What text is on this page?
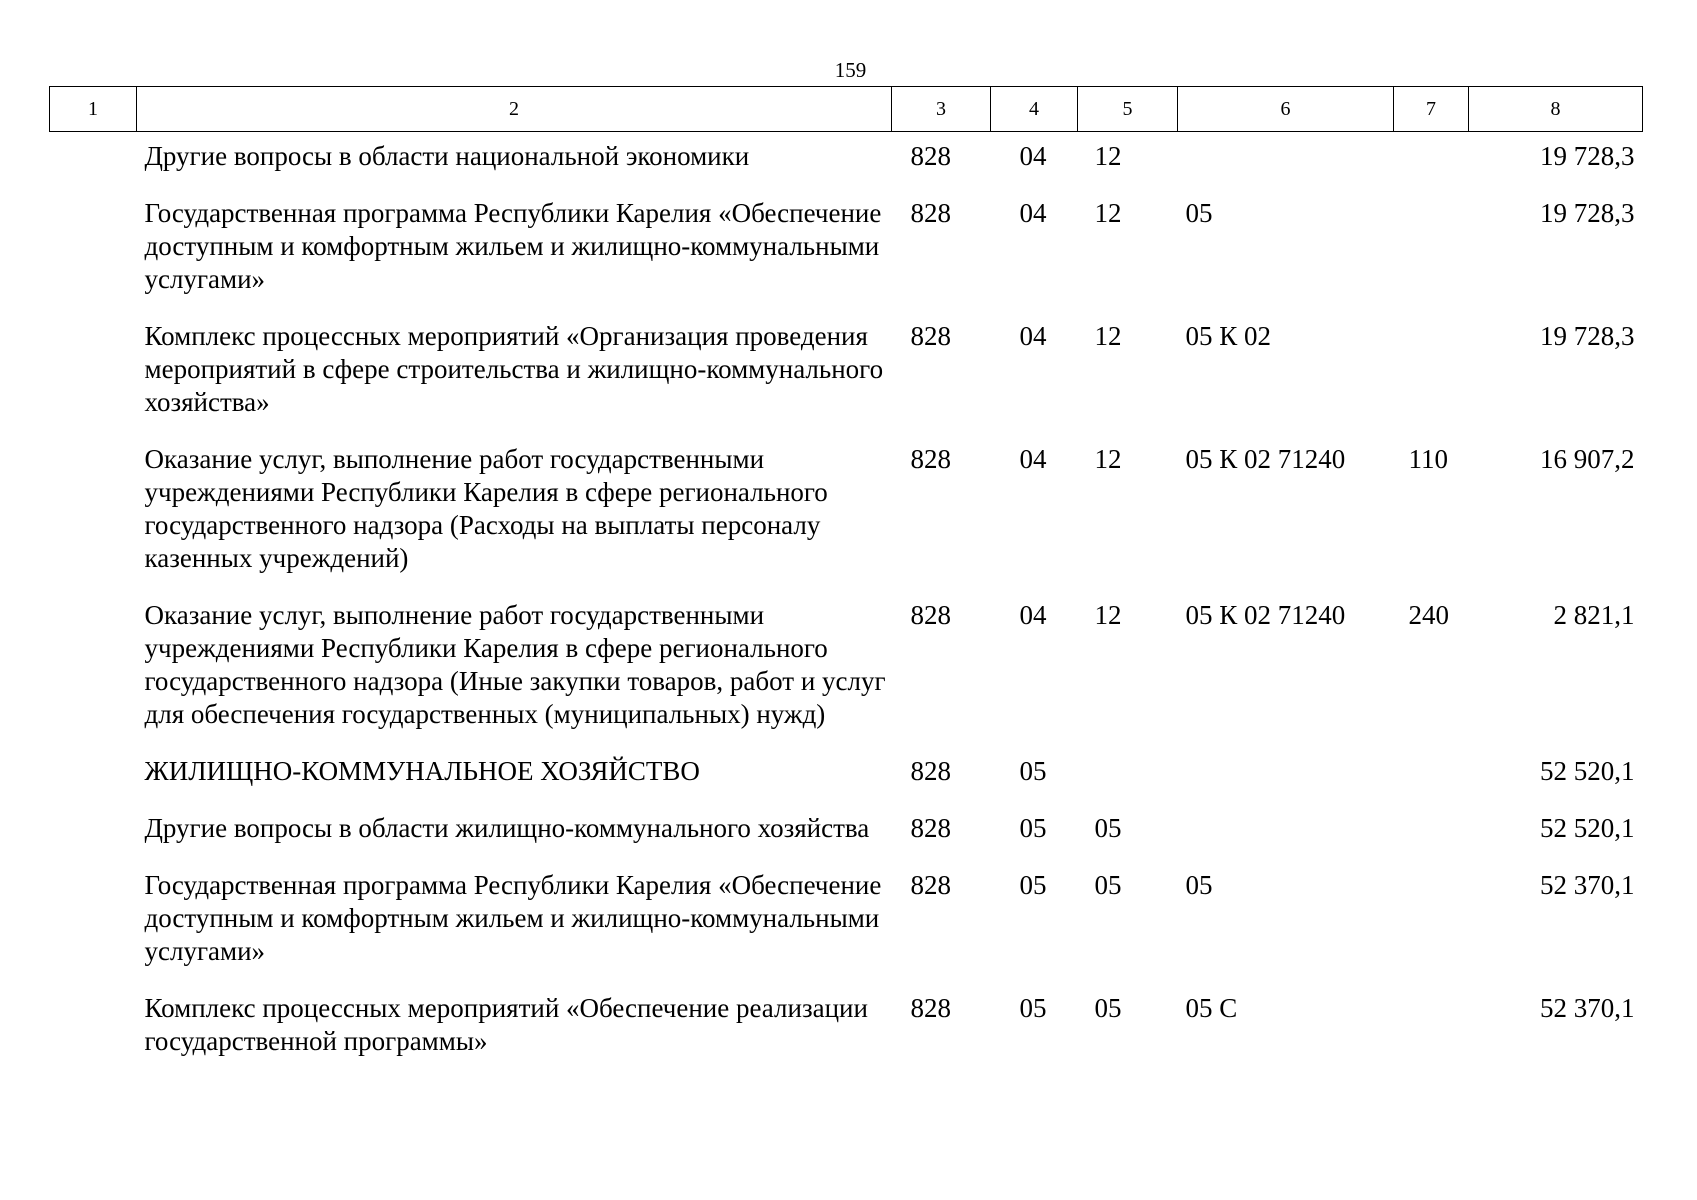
159
1	2	3	4	5	6	7	8
	Другие вопросы в области национальной экономики	828	04	12			19 728,3
	Государственная программа Республики Карелия «Обеспечение доступным и комфортным жильем и жилищно-коммунальными услугами»	828	04	12	05		19 728,3
	Комплекс процессных мероприятий «Организация проведения мероприятий в сфере строительства и жилищно-коммунального хозяйства»	828	04	12	05 К 02		19 728,3
	Оказание услуг, выполнение работ государственными учреждениями Республики Карелия в сфере регионального государственного надзора (Расходы на выплаты персоналу казенных учреждений)	828	04	12	05 К 02 71240	110	16 907,2
	Оказание услуг, выполнение работ государственными учреждениями Республики Карелия в сфере регионального государственного надзора (Иные закупки товаров, работ и услуг для обеспечения государственных (муниципальных) нужд)	828	04	12	05 К 02 71240	240	2 821,1
	ЖИЛИЩНО-КОММУНАЛЬНОЕ ХОЗЯЙСТВО	828	05				52 520,1
	Другие вопросы в области жилищно-коммунального хозяйства	828	05	05			52 520,1
	Государственная программа Республики Карелия «Обеспечение доступным и комфортным жильем и жилищно-коммунальными услугами»	828	05	05	05		52 370,1
	Комплекс процессных мероприятий «Обеспечение реализации государственной программы»	828	05	05	05 С		52 370,1
